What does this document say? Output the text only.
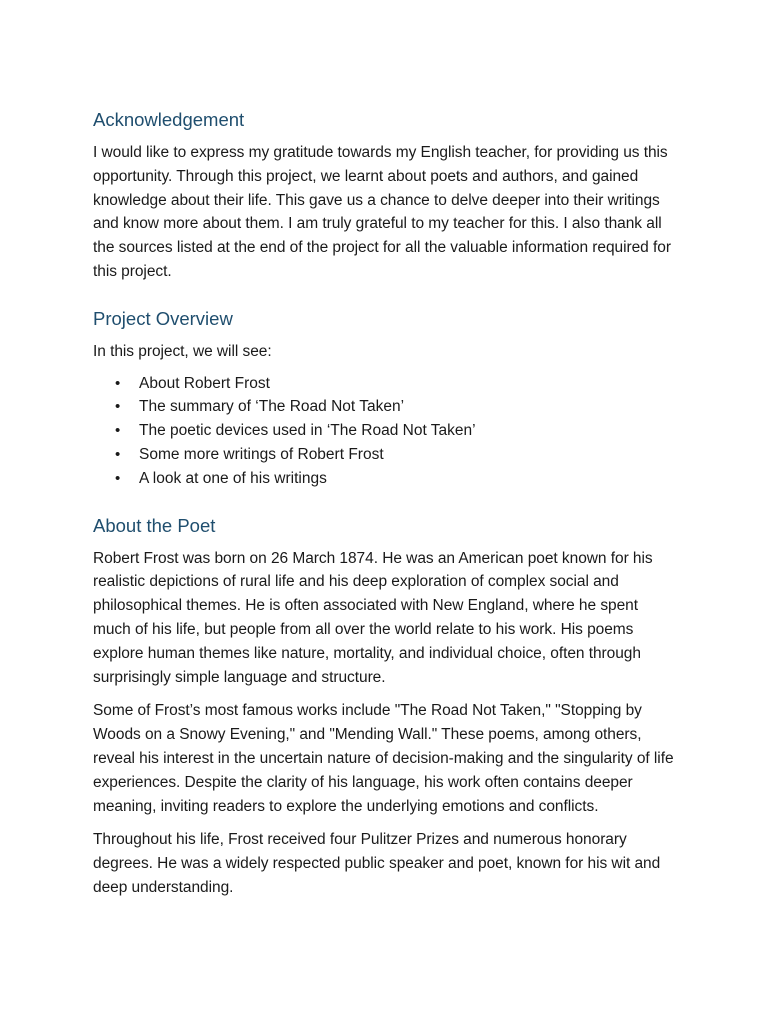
Acknowledgement

I would like to express my gratitude towards my English teacher, for providing us this opportunity. Through this project, we learnt about poets and authors, and gained knowledge about their life. This gave us a chance to delve deeper into their writings and know more about them. I am truly grateful to my teacher for this. I also thank all the sources listed at the end of the project for all the valuable information required for this project.

Project Overview

In this project, we will see:

• About Robert Frost
• The summary of ‘The Road Not Taken’
• The poetic devices used in ‘The Road Not Taken’
• Some more writings of Robert Frost
• A look at one of his writings
About the Poet

Robert Frost was born on 26 March 1874. He was an American poet known for his realistic depictions of rural life and his deep exploration of complex social and philosophical themes. He is often associated with New England, where he spent much of his life, but people from all over the world relate to his work. His poems explore human themes like nature, mortality, and individual choice, often through surprisingly simple language and structure.

Some of Frost’s most famous works include "The Road Not Taken," "Stopping by Woods on a Snowy Evening," and "Mending Wall." These poems, among others, reveal his interest in the uncertain nature of decision-making and the singularity of life experiences. Despite the clarity of his language, his work often contains deeper meaning, inviting readers to explore the underlying emotions and conflicts.

Throughout his life, Frost received four Pulitzer Prizes and numerous honorary degrees. He was a widely respected public speaker and poet, known for his wit and deep understanding.
